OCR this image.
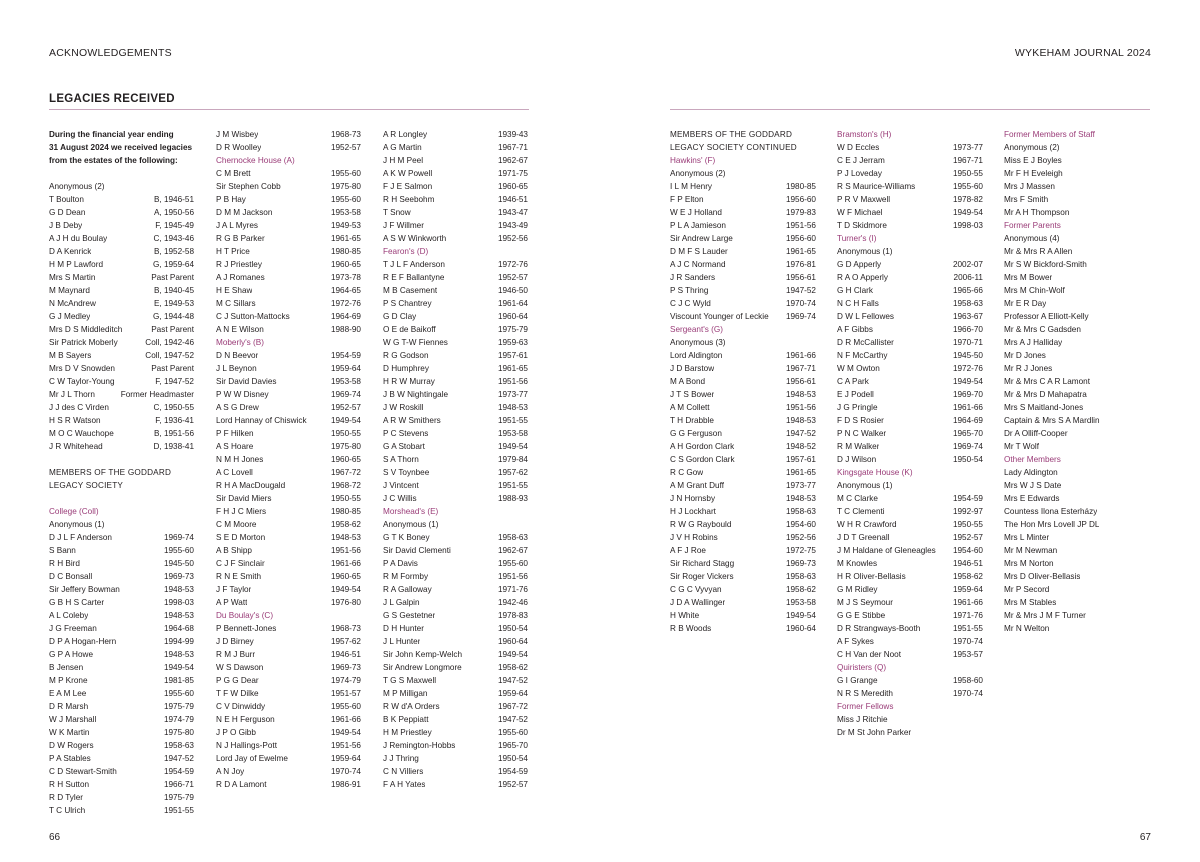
ACKNOWLEDGEMENTS
LEGACIES RECEIVED
During the financial year ending
31 August 2024 we received legacies
from the estates of the following:
Anonymous (2)
T Boulton	B, 1946-51
G D Dean	A, 1950-56
J B Deby	F, 1945-49
A J H du Boulay	C, 1943-46
D A Kenrick	B, 1952-58
H M P Lawford	G, 1959-64
Mrs S Martin	Past Parent
M Maynard	B, 1940-45
N McAndrew	E, 1949-53
G J Medley	G, 1944-48
Mrs D S Middleditch	Past Parent
Sir Patrick Moberly	Coll, 1942-46
M B Sayers	Coll, 1947-52
Mrs D V Snowden	Past Parent
C W Taylor-Young	F, 1947-52
Mr J L Thorn	Former Headmaster
J J des C Virden	C, 1950-55
H S R Watson	F, 1936-41
M O C Wauchope	B, 1951-56
J R Whitehead	D, 1938-41
MEMBERS OF THE GODDARD
LEGACY SOCIETY
College (Coll)
Anonymous (1)
D J L F Anderson	1969-74
S Bann	1955-60
R H Bird	1945-50
D C Bonsall	1969-73
Sir Jeffery Bowman	1948-53
G B H S Carter	1998-03
A L Coleby	1948-53
J G Freeman	1964-68
D P A Hogan-Hern	1994-99
G P A Howe	1948-53
B Jensen	1949-54
M P Krone	1981-85
E A M Lee	1955-60
D R Marsh	1975-79
W J Marshall	1974-79
W K Martin	1975-80
D W Rogers	1958-63
P A Stables	1947-52
C D Stewart-Smith	1954-59
R H Sutton	1966-71
R D Tyler	1975-79
T C Ulrich	1951-55
J M Wisbey	1968-73
D R Woolley	1952-57
Chernocke House (A)
C M Brett	1955-60
Sir Stephen Cobb	1975-80
P B Hay	1955-60
D M M Jackson	1953-58
J A L Myres	1949-53
R G B Parker	1961-65
H T Price	1980-85
R J Priestley	1960-65
A J Romanes	1973-78
H E Shaw	1964-65
M C Sillars	1972-76
C J Sutton-Mattocks	1964-69
A N E Wilson	1988-90
Moberly's (B)
D N Beevor	1954-59
J L Beynon	1959-64
Sir David Davies	1953-58
P W W Disney	1969-74
A S G Drew	1952-57
Lord Hannay of Chiswick	1949-54
P F Hilken	1950-55
A S Hoare	1975-80
N M H Jones	1960-65
A C Lovell	1967-72
R H A MacDougald	1968-72
Sir David Miers	1950-55
F H J C Miers	1980-85
C M Moore	1958-62
S E D Morton	1948-53
A B Shipp	1951-56
C J F Sinclair	1961-66
R N E Smith	1960-65
J F Taylor	1949-54
A P Watt	1976-80
Du Boulay's (C)
P Bennett-Jones	1968-73
J D Birney	1957-62
R M J Burr	1946-51
W S Dawson	1969-73
P G G Dear	1974-79
T F W Dilke	1951-57
C V Dinwiddy	1955-60
N E H Ferguson	1961-66
J P O Gibb	1949-54
N J Hallings-Pott	1951-56
Lord Jay of Ewelme	1959-64
A N Joy	1970-74
R D A Lamont	1986-91
A R Longley	1939-43
A G Martin	1967-71
J H M Peel	1962-67
A K W Powell	1971-75
F J E Salmon	1960-65
R H Seebohm	1946-51
T Snow	1943-47
J F Willmer	1943-49
A S W Winkworth	1952-56
Fearon's (D)
T J L F Anderson	1972-76
R E F Ballantyne	1952-57
M B Casement	1946-50
P S Chantrey	1961-64
G D Clay	1960-64
O E de Baikoff	1975-79
W G T-W Fiennes	1959-63
R G Godson	1957-61
D Humphrey	1961-65
H R W Murray	1951-56
J B W Nightingale	1973-77
J W Roskill	1948-53
A R W Smithers	1951-55
P C Stevens	1953-58
G A Stobart	1949-54
S A Thorn	1979-84
S V Toynbee	1957-62
J Vintcent	1951-55
J C Willis	1988-93
Morshead's (E)
Anonymous (1)
G T K Boney	1958-63
Sir David Clementi	1962-67
P A Davis	1955-60
R M Formby	1951-56
R A Galloway	1971-76
J L Galpin	1942-46
G S Gestetner	1978-83
D H Hunter	1950-54
J L Hunter	1960-64
Sir John Kemp-Welch	1949-54
Sir Andrew Longmore	1958-62
T G S Maxwell	1947-52
M P Milligan	1959-64
R W d'A Orders	1967-72
B K Peppiatt	1947-52
H M Priestley	1955-60
J Remington-Hobbs	1965-70
J J Thring	1950-54
C N Villiers	1954-59
F A H Yates	1952-57
66
WYKEHAM JOURNAL 2024
MEMBERS OF THE GODDARD
LEGACY SOCIETY CONTINUED
Hawkins' (F)
Anonymous (2)
I L M Henry	1980-85
F P Elton	1956-60
W E J Holland	1979-83
P L A Jamieson	1951-56
Sir Andrew Large	1956-60
D M F S Lauder	1961-65
A J C Normand	1976-81
J R Sanders	1956-61
P S Thring	1947-52
C J C Wyld	1970-74
Viscount Younger of Leckie	1969-74
Sergeant's (G)
Anonymous (3)
Lord Aldington	1961-66
J D Barstow	1967-71
M A Bond	1956-61
J T S Bower	1948-53
A M Collett	1951-56
T H Drabble	1948-53
G G Ferguson	1947-52
A H Gordon Clark	1948-52
C S Gordon Clark	1957-61
R C Gow	1961-65
A M Grant Duff	1973-77
J N Hornsby	1948-53
H J Lockhart	1958-63
R W G Raybould	1954-60
J V H Robins	1952-56
A F J Roe	1972-75
Sir Richard Stagg	1969-73
Sir Roger Vickers	1958-63
C G C Vyvyan	1958-62
J D A Wallinger	1953-58
H White	1949-54
R B Woods	1960-64
Bramston's (H)
W D Eccles	1973-77
C E J Jerram	1967-71
P J Loveday	1950-55
R S Maurice-Williams	1955-60
P R V Maxwell	1978-82
W F Michael	1949-54
T D Skidmore	1998-03
Turner's (I)
Anonymous (1)
G D Apperly	2002-07
R A O Apperly	2006-11
G H Clark	1965-66
N C H Falls	1958-63
D W L Fellowes	1963-67
A F Gibbs	1966-70
D R McCallister	1970-71
N F McCarthy	1945-50
W M Owton	1972-76
C A Park	1949-54
E J Podell	1969-70
J G Pringle	1961-66
F D S Rosier	1964-69
P N C Walker	1965-70
R M Walker	1969-74
D J Wilson	1950-54
Kingsgate House (K)
Anonymous (1)
M C Clarke	1954-59
T C Clementi	1992-97
W H R Crawford	1950-55
J D T Greenall	1952-57
J M Haldane of Gleneagles	1954-60
M Knowles	1946-51
H R Oliver-Bellasis	1958-62
G M Ridley	1959-64
M J S Seymour	1961-66
G G E Stibbe	1971-76
D R Strangways-Booth	1951-55
A F Sykes	1970-74
C H Van der Noot	1953-57
Quiristers (Q)
G I Grange	1958-60
N R S Meredith	1970-74
Former Fellows
Miss J Ritchie
Dr M St John Parker
Former Members of Staff
Anonymous (2)
Miss E J Boyles
Mr F H Eveleigh
Mrs J Massen
Mrs F Smith
Mr A H Thompson
Former Parents
Anonymous (4)
Mr & Mrs R A Allen
Mr S W Bickford-Smith
Mrs M Bower
Mrs M Chin-Wolf
Mr E R Day
Professor A Elliott-Kelly
Mr & Mrs C Gadsden
Mrs A J Halliday
Mr D Jones
Mr R J Jones
Mr & Mrs C A R Lamont
Mr & Mrs D Mahapatra
Mrs S Maitland-Jones
Captain & Mrs S A Mardlin
Dr A Olliff-Cooper
Mr T Wolf
Other Members
Lady Aldington
Mrs W J S Date
Mrs E Edwards
Countess Ilona Esterházy
The Hon Mrs Lovell JP DL
Mrs L Minter
Mr M Newman
Mrs M Norton
Mrs D Oliver-Bellasis
Mr P Secord
Mrs M Stables
Mr & Mrs J M F Turner
Mr N Welton
67
